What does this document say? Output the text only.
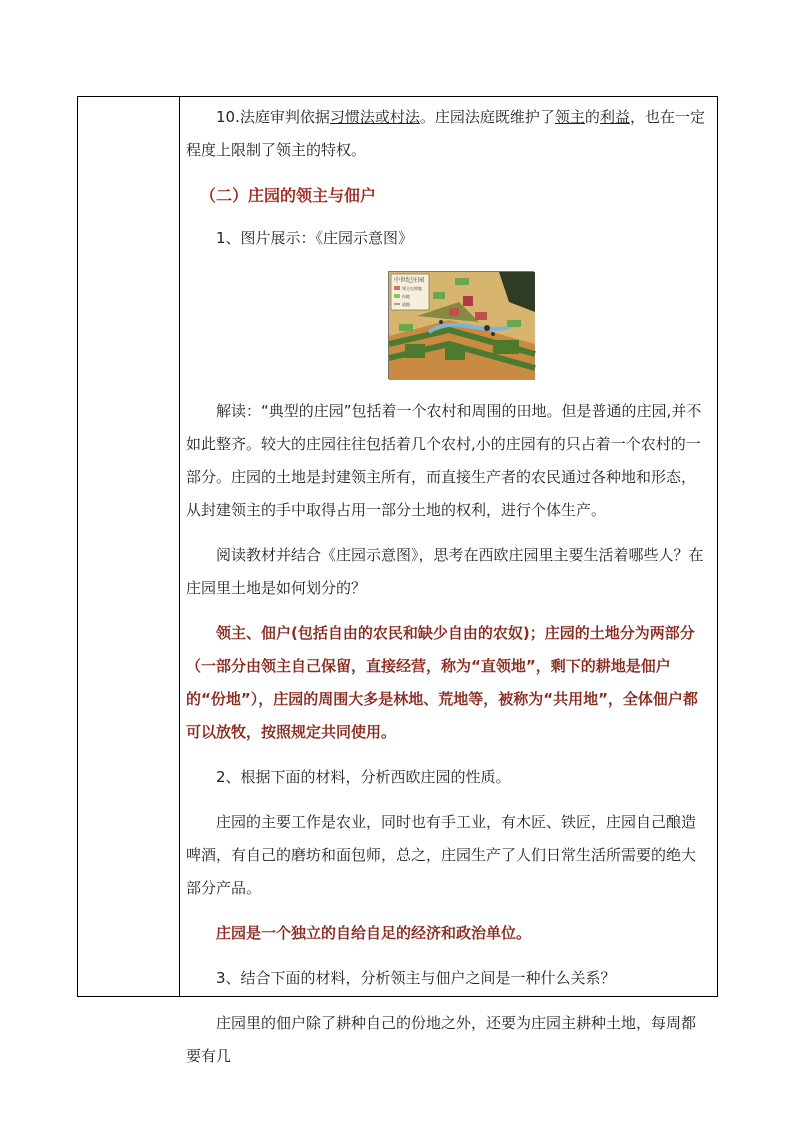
10.法庭审判依据习惯法或村法。庄园法庭既维护了领主的利益，也在一定程度上限制了领主的特权。

（二）庄园的领主与佃户

1、图片展示：《庄园示意图》

解读：“典型的庄园”包括着一个农村和周围的田地。但是普通的庄园,并不如此整齐。较大的庄园往往包括着几个农村,小的庄园有的只占着一个农村的一部分。庄园的土地是封建领主所有，而直接生产者的农民通过各种地和形态，从封建领主的手中取得占用一部分土地的权利，进行个体生产。

阅读教材并结合《庄园示意图》，思考在西欧庄园里主要生活着哪些人？在庄园里土地是如何划分的？

领主、佃户(包括自由的农民和缺少自由的农奴)；庄园的土地分为两部分（一部分由领主自己保留，直接经营，称为“直领地”，剩下的耕地是佃户的“份地”），庄园的周围大多是林地、荒地等，被称为“共用地”，全体佃户都可以放牧，按照规定共同使用。

2、根据下面的材料，分析西欧庄园的性质。

庄园的主要工作是农业，同时也有手工业，有木匠、铁匠，庄园自己酿造啤酒，有自己的磨坊和面包师，总之，庄园生产了人们日常生活所需要的绝大部分产品。

庄园是一个独立的自给自足的经济和政治单位。

3、结合下面的材料，分析领主与佃户之间是一种什么关系？

庄园里的佃户除了耕种自己的份地之外，还要为庄园主耕种土地，每周都要有几

中世纪庄园
领主自营地
份地
道路
